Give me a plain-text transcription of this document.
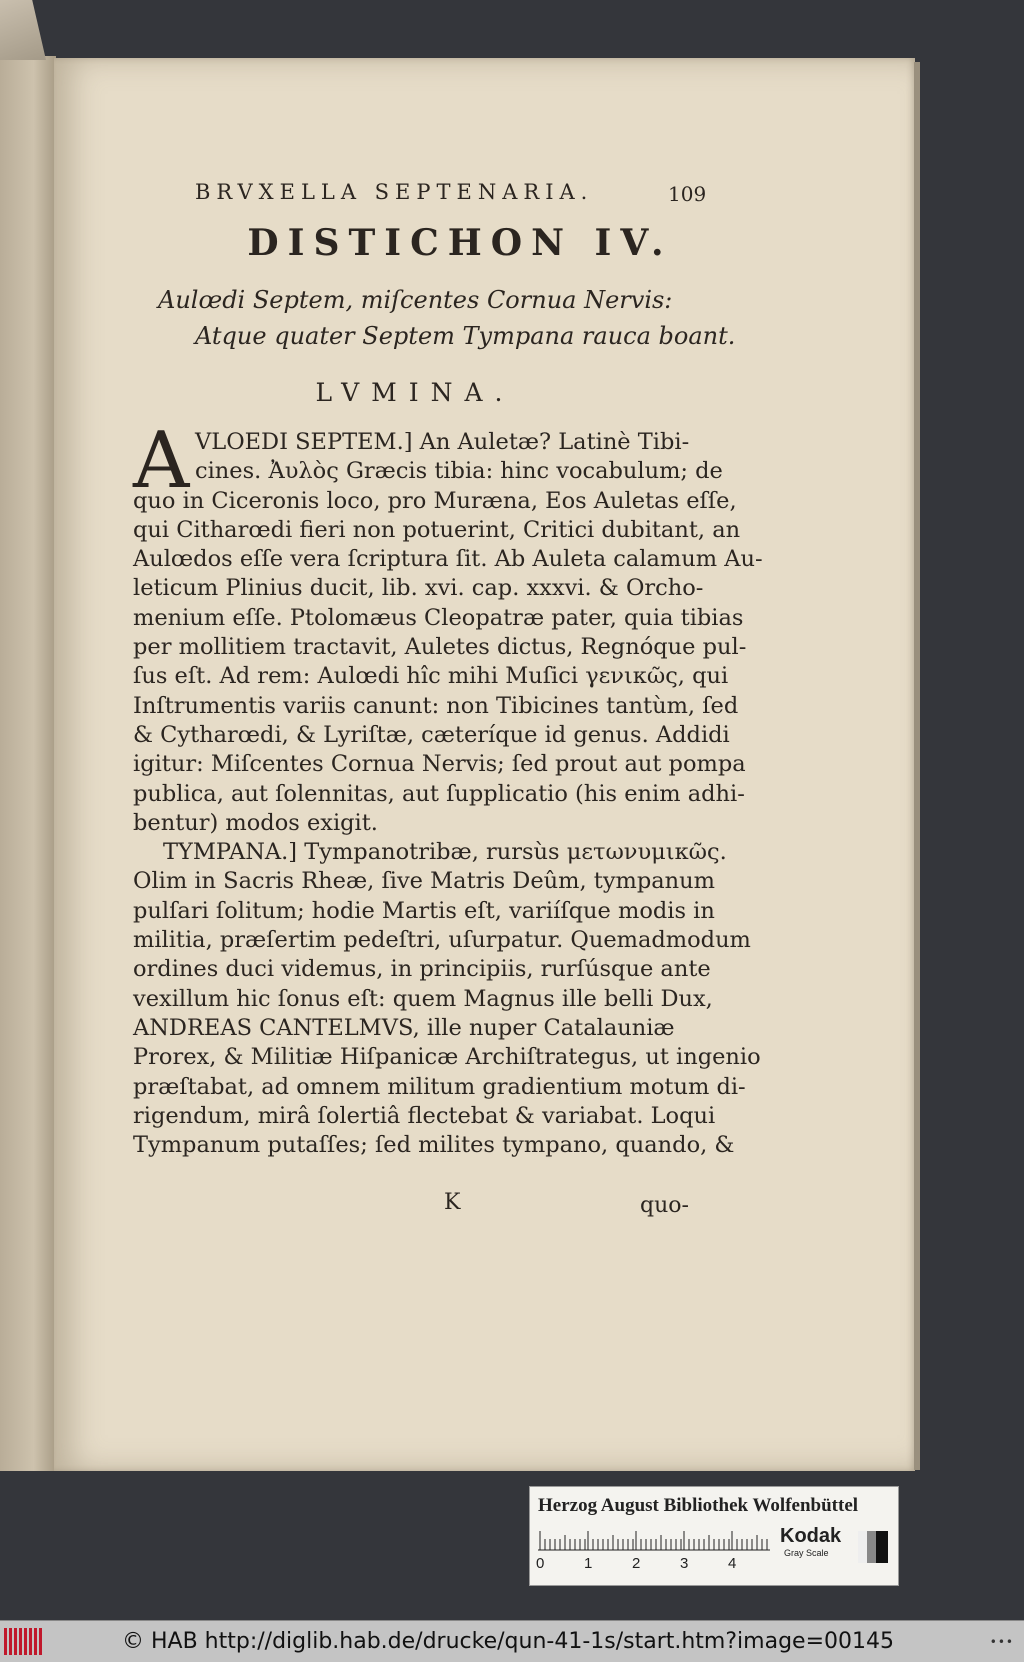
BRVXELLA SEPTENARIA.	109
DISTICHON IV.
Aulœdi Septem, miſcentes Cornua Nervis:
Atque quater Septem Tympana rauca boant.
LVMINA.
A VLOEDI SEPTEM.] An Auletæ? Latinè Tibi-
cines. Ἀυλὸς Græcis tibia: hinc vocabulum; de
quo in Ciceronis loco, pro Muræna, Eos Auletas eſſe,
qui Citharœdi fieri non potuerint, Critici dubitant, an
Aulœdos eſſe vera ſcriptura ſit. Ab Auleta calamum Au-
leticum Plinius ducit, lib. xvi. cap. xxxvi. & Orcho-
menium eſſe. Ptolomæus Cleopatræ pater, quia tibias
per mollitiem tractavit, Auletes dictus, Regnóque pul-
ſus eſt. Ad rem: Aulœdi hîc mihi Muſici γενικῶς, qui
Inſtrumentis variis canunt: non Tibicines tantùm, ſed
& Cytharœdi, & Lyriſtæ, cæteríque id genus. Addidi
igitur: Miſcentes Cornua Nervis; ſed prout aut pompa
publica, aut ſolennitas, aut ſupplicatio (his enim adhi-
bentur) modos exigit.
TYMPANA.] Tympanotribæ, rursùs μετωνυμικῶς.
Olim in Sacris Rheæ, ſive Matris Deûm, tympanum
pulſari ſolitum; hodie Martis eſt, variíſque modis in
militia, præſertim pedeſtri, uſurpatur. Quemadmodum
ordines duci videmus, in principiis, rurſúsque ante
vexillum hic ſonus eſt: quem Magnus ille belli Dux,
ANDREAS CANTELMVS, ille nuper Catalauniæ
Prorex, & Militiæ Hiſpanicæ Archiſtrategus, ut ingenio
præſtabat, ad omnem militum gradientium motum di-
rigendum, mirâ ſolertiâ flectebat & variabat. Loqui
Tympanum putaſſes; ſed milites tympano, quando, &
K	quo-
Herzog August Bibliothek Wolfenbüttel
0	1	2	3	4
Kodak
Gray Scale
© HAB http://diglib.hab.de/drucke/qun-41-1s/start.htm?image=00145	•••
